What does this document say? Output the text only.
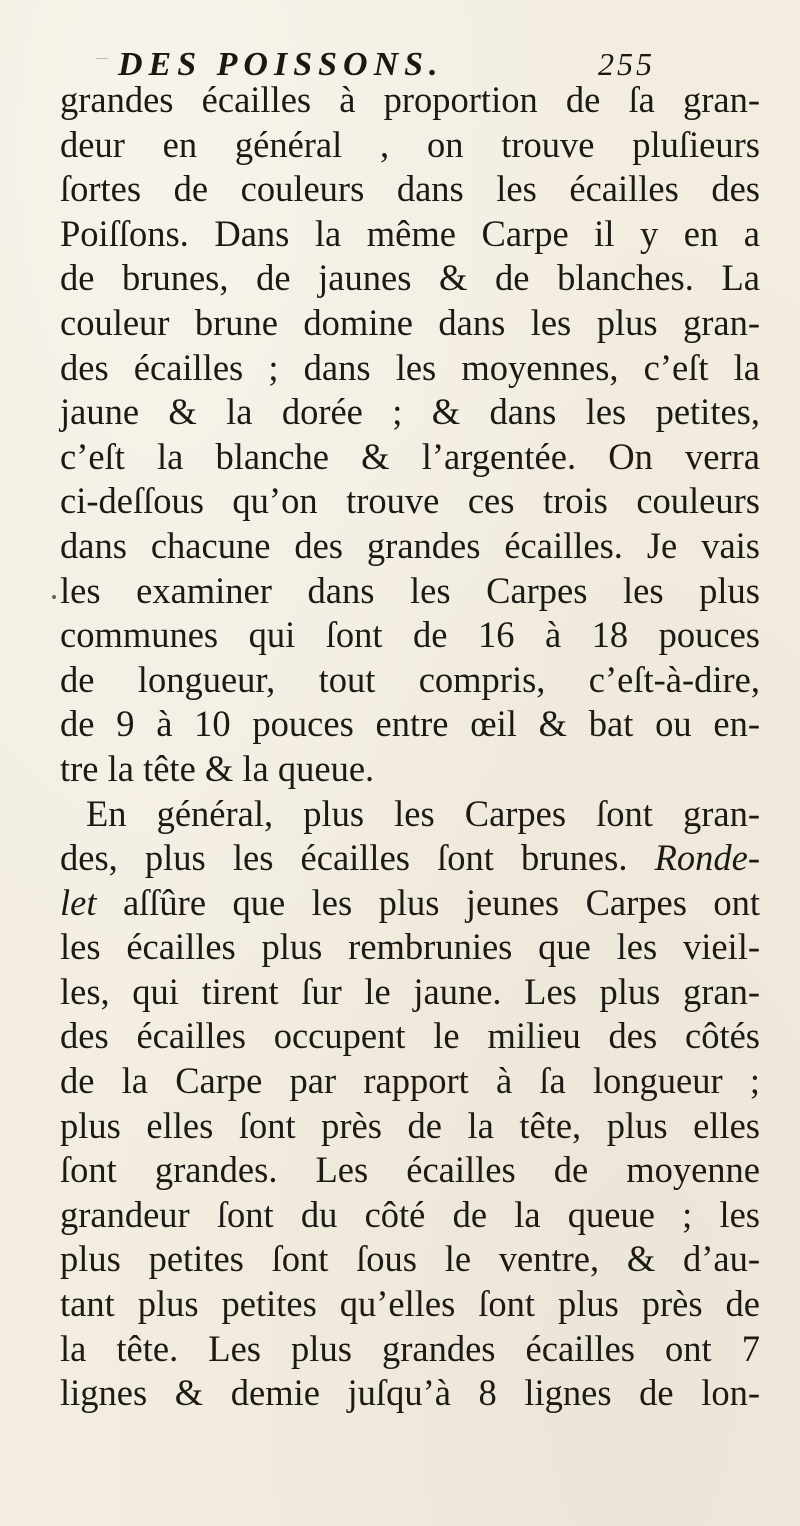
DES POISSONS.	255
grandes écailles à proportion de ſa gran-
deur en général , on trouve pluſieurs
ſortes de couleurs dans les écailles des
Poiſſons. Dans la même Carpe il y en a
de brunes, de jaunes & de blanches. La
couleur brune domine dans les plus gran-
des écailles ; dans les moyennes, c’eſt la
jaune & la dorée ; & dans les petites,
c’eſt la blanche & l’argentée. On verra
ci-deſſous qu’on trouve ces trois couleurs
dans chacune des grandes écailles. Je vais
les examiner dans les Carpes les plus
communes qui ſont de 16 à 18 pouces
de longueur, tout compris, c’eſt-à-dire,
de 9 à 10 pouces entre œil & bat ou en-
tre la tête & la queue.
En général, plus les Carpes ſont gran-
des, plus les écailles ſont brunes. Ronde-
let aſſûre que les plus jeunes Carpes ont
les écailles plus rembrunies que les vieil-
les, qui tirent ſur le jaune. Les plus gran-
des écailles occupent le milieu des côtés
de la Carpe par rapport à ſa longueur ;
plus elles ſont près de la tête, plus elles
ſont grandes. Les écailles de moyenne
grandeur ſont du côté de la queue ; les
plus petites ſont ſous le ventre, & d’au-
tant plus petites qu’elles ſont plus près de
la tête. Les plus grandes écailles ont 7
lignes & demie juſqu’à 8 lignes de lon-
